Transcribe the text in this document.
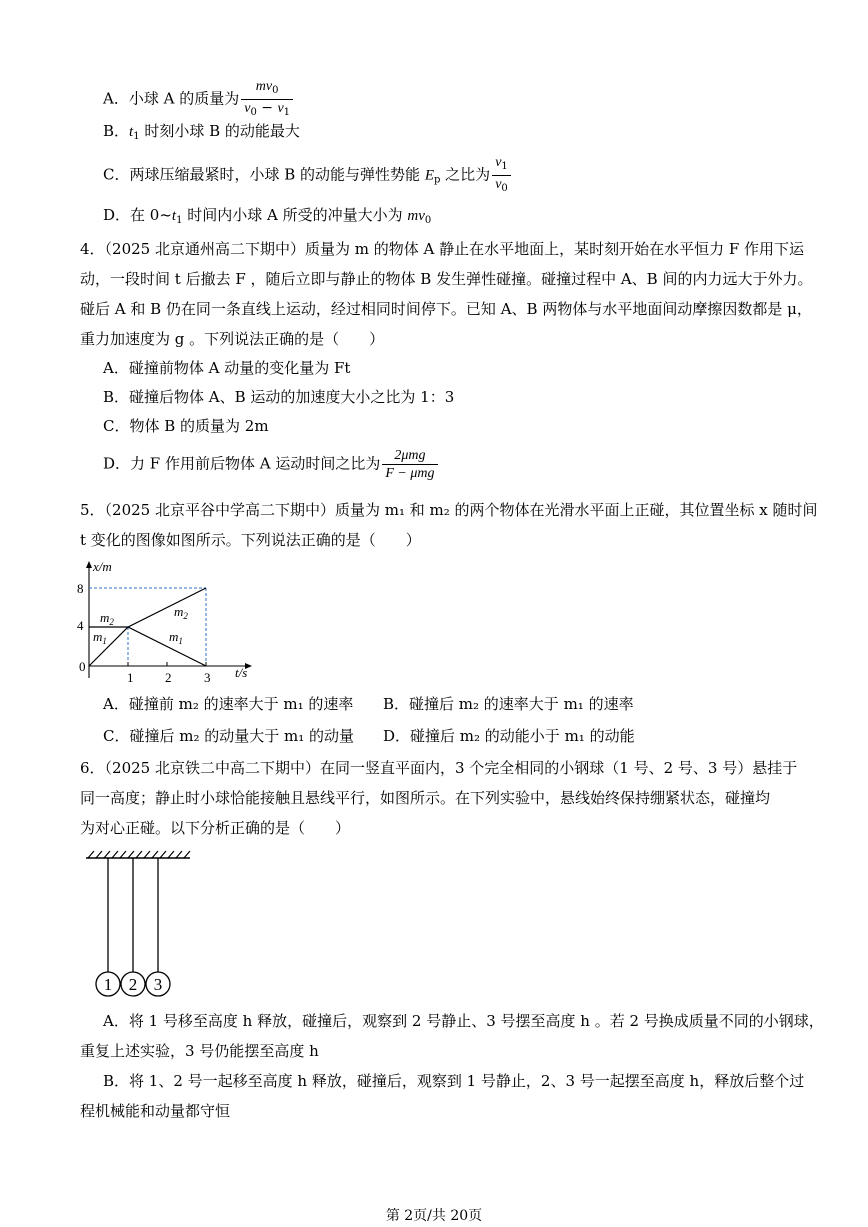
A．小球 A 的质量为 $\frac{mv_0}{v_0 - v_1}$
B．$t_1$ 时刻小球 B 的动能最大
C．两球压缩最紧时，小球 B 的动能与弹性势能 $E_p$ 之比为 $\frac{v_1}{v_0}$
D．在 $0\sim t_1$ 时间内小球 A 所受的冲量大小为 $mv_0$
4．（2025 北京通州高二下期中）质量为 m 的物体 A 静止在水平地面上，某时刻开始在水平恒力 F 作用下运
动，一段时间 t 后撤去 F ，随后立即与静止的物体 B 发生弹性碰撞。碰撞过程中 A、B 间的内力远大于外力。
碰后 A 和 B 仍在同一条直线上运动，经过相同时间停下。已知 A、B 两物体与水平地面间动摩擦因数都是 μ，
重力加速度为 g 。下列说法正确的是（　　）
A．碰撞前物体 A 动量的变化量为 Ft
B．碰撞后物体 A、B 运动的加速度大小之比为 1：3
C．物体 B 的质量为 2m
D．力 F 作用前后物体 A 运动时间之比为 $\frac{\text{2μmg}}{\text{F − μmg}}$
5．（2025 北京平谷中学高二下期中）质量为 m₁ 和 m₂ 的两个物体在光滑水平面上正碰，其位置坐标 x 随时间
t 变化的图像如图所示。下列说法正确的是（　　）
x/m
t/s
8
4
0
1 2	3
$m_2$
$m_1$
$m_2$
$m_1$
A．碰撞前 m₂ 的速率大于 m₁ 的速率 B．碰撞后 m₂ 的速率大于 m₁ 的速率
C．碰撞后 m₂ 的动量大于 m₁ 的动量 D．碰撞后 m₂ 的动能小于 m₁ 的动能
6．（2025 北京铁二中高二下期中）在同一竖直平面内，3 个完全相同的小钢球（1 号、2 号、3 号）悬挂于
同一高度；静止时小球恰能接触且悬线平行，如图所示。在下列实验中，悬线始终保持绷紧状态，碰撞均
为对心正碰。以下分析正确的是（　　）
1 2 3
A．将 1 号移至高度 h 释放，碰撞后，观察到 2 号静止、3 号摆至高度 h 。若 2 号换成质量不同的小钢球，
重复上述实验，3 号仍能摆至高度 h
B．将 1、2 号一起移至高度 h 释放，碰撞后，观察到 1 号静止，2、3 号一起摆至高度 h，释放后整个过
程机械能和动量都守恒
第 2页/共 20页
